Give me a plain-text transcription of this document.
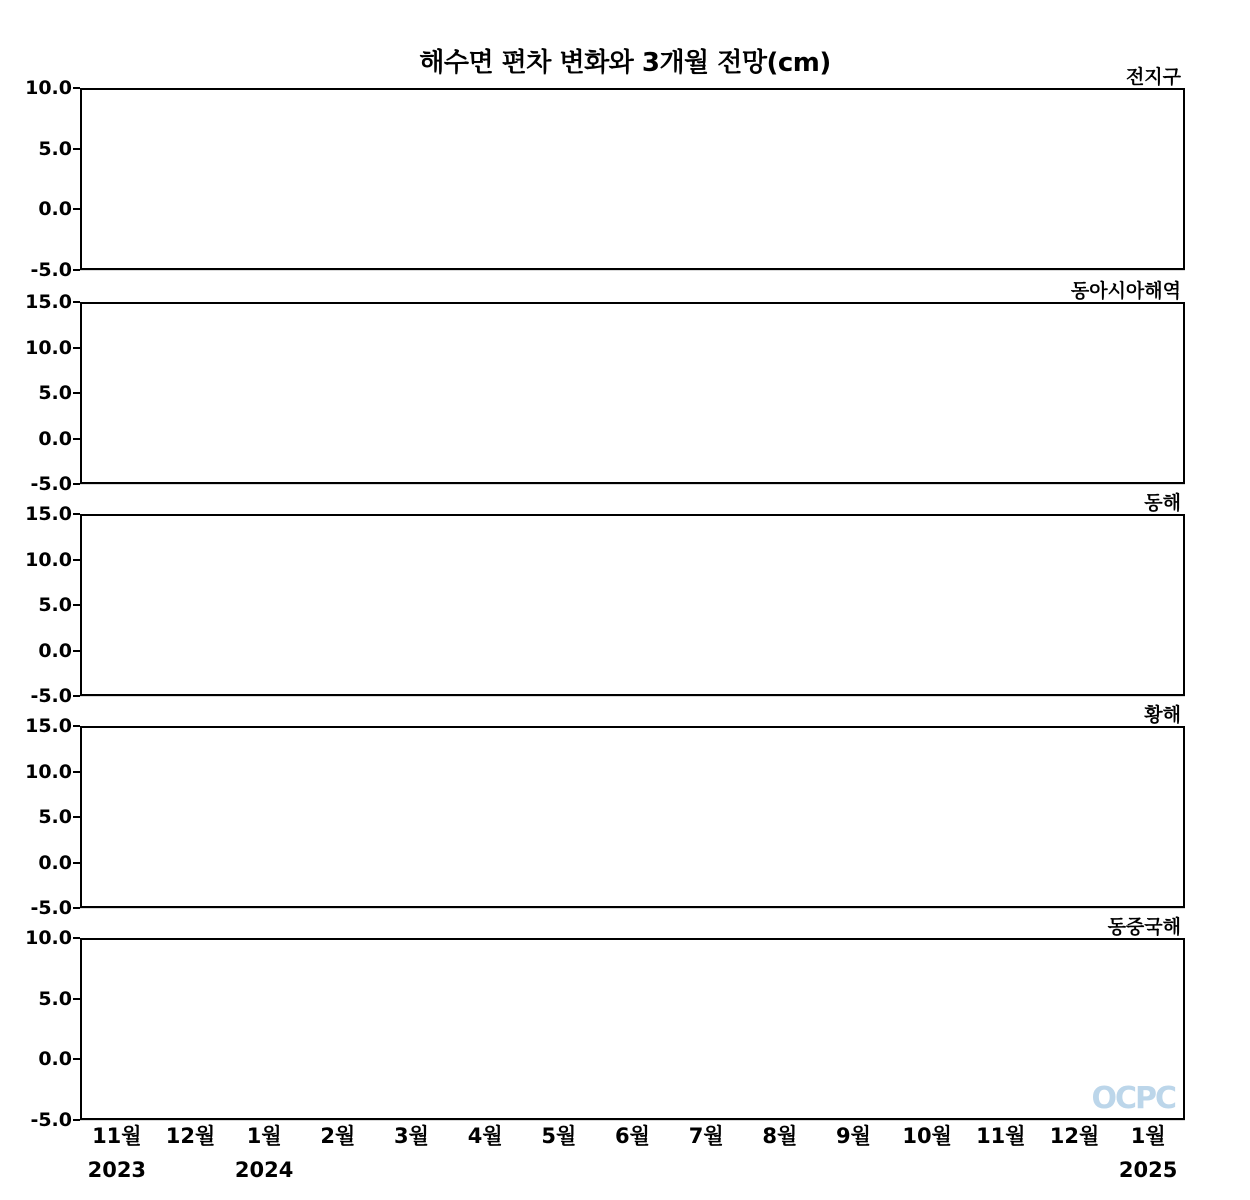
해수면 편차 변화와 3개월 전망(cm)
-5.0
0.0
5.0
10.0	전지구
-5.0
0.0
5.0
10.0
15.0	동아시아해역
-5.0
0.0
5.0
10.0
15.0	동해
-5.0
0.0
5.0
10.0
15.0	황해
-5.0
0.0
5.0
10.0	동중국해
OCPC
11월 12월 1월 2월 3월 4월 5월 6월 7월 8월 9월 10월 11월 12월 1월
2023	2024	2025
